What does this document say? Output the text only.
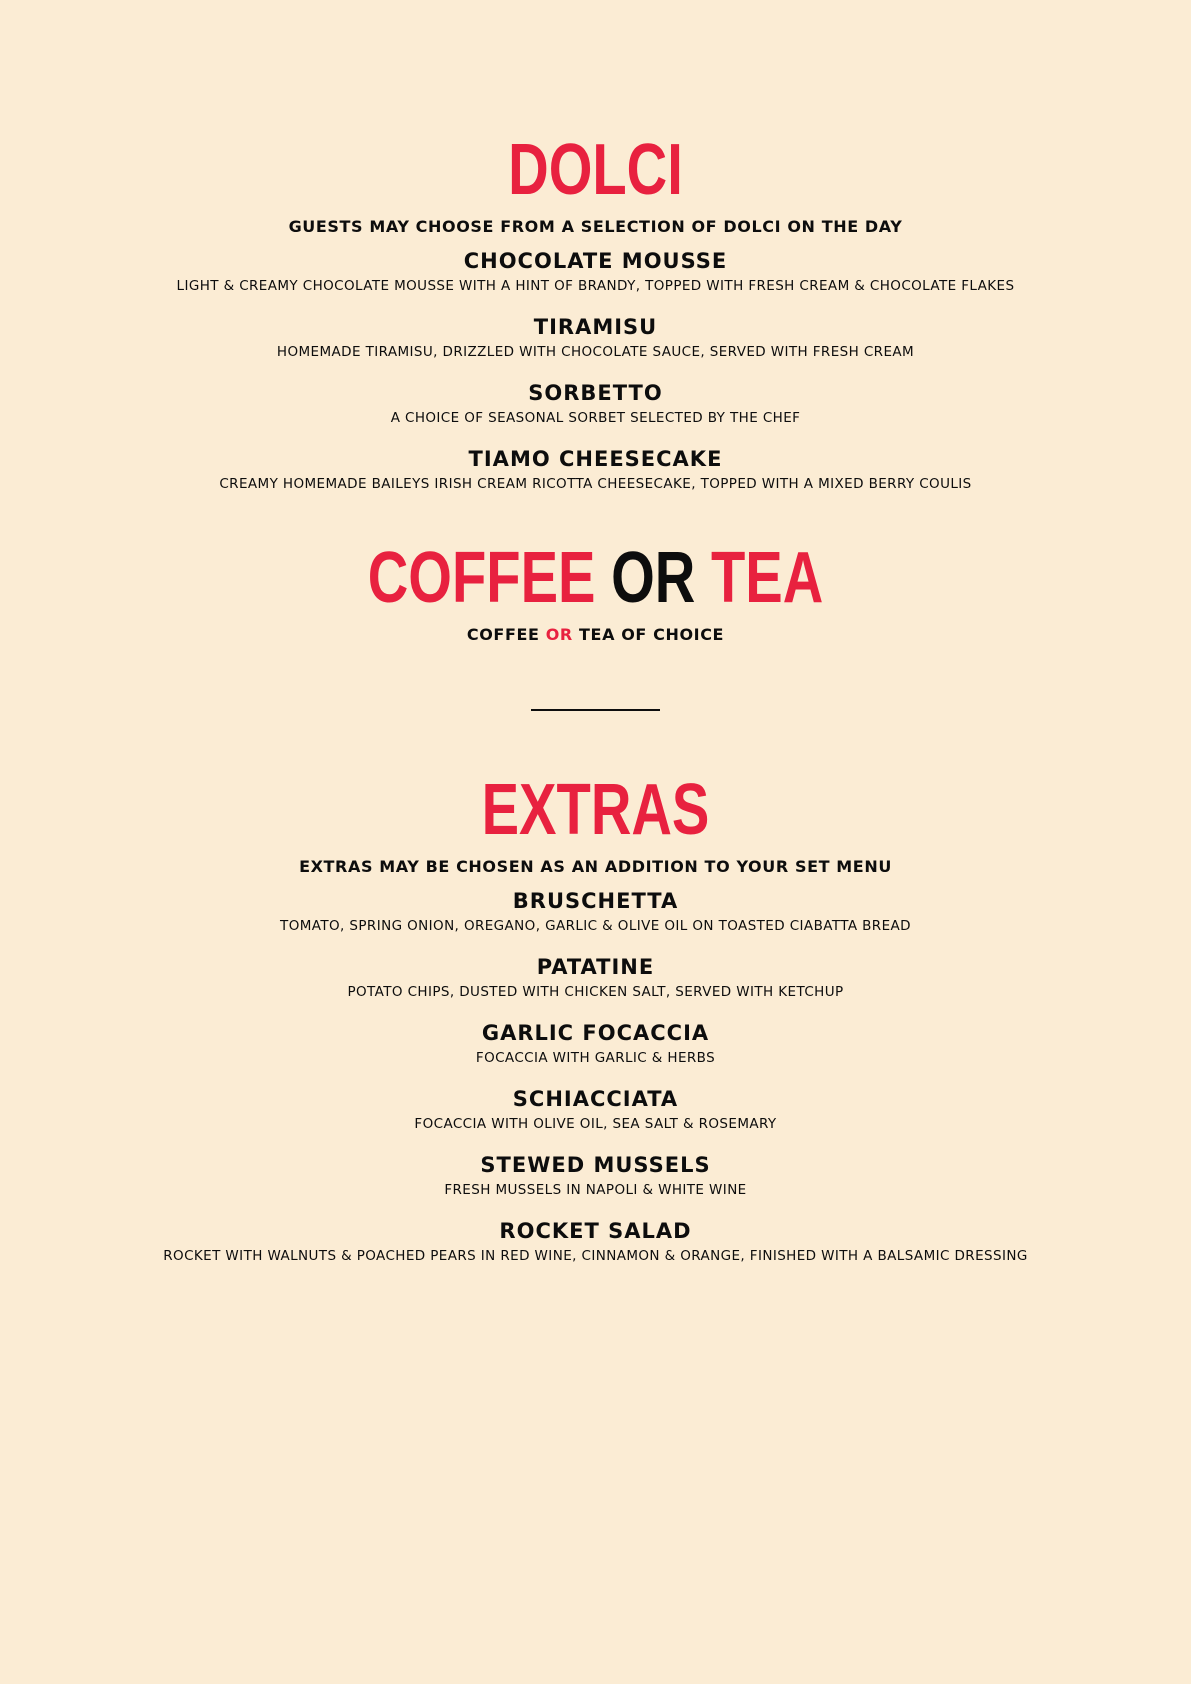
DOLCI
GUESTS MAY CHOOSE FROM A SELECTION OF DOLCI ON THE DAY
CHOCOLATE MOUSSE
LIGHT & CREAMY CHOCOLATE MOUSSE WITH A HINT OF BRANDY, TOPPED WITH FRESH CREAM & CHOCOLATE FLAKES
TIRAMISU
HOMEMADE TIRAMISU, DRIZZLED WITH CHOCOLATE SAUCE, SERVED WITH FRESH CREAM
SORBETTO
A CHOICE OF SEASONAL SORBET SELECTED BY THE CHEF
TIAMO CHEESECAKE
CREAMY HOMEMADE BAILEYS IRISH CREAM RICOTTA CHEESECAKE, TOPPED WITH A MIXED BERRY COULIS
COFFEE OR TEA
COFFEE OR TEA OF CHOICE
EXTRAS
EXTRAS MAY BE CHOSEN AS AN ADDITION TO YOUR SET MENU
BRUSCHETTA
TOMATO, SPRING ONION, OREGANO, GARLIC & OLIVE OIL ON TOASTED CIABATTA BREAD
PATATINE
POTATO CHIPS, DUSTED WITH CHICKEN SALT, SERVED WITH KETCHUP
GARLIC FOCACCIA
FOCACCIA WITH GARLIC & HERBS
SCHIACCIATA
FOCACCIA WITH OLIVE OIL, SEA SALT & ROSEMARY
STEWED MUSSELS
FRESH MUSSELS IN NAPOLI & WHITE WINE
ROCKET SALAD
ROCKET WITH WALNUTS & POACHED PEARS IN RED WINE, CINNAMON & ORANGE, FINISHED WITH A BALSAMIC DRESSING
